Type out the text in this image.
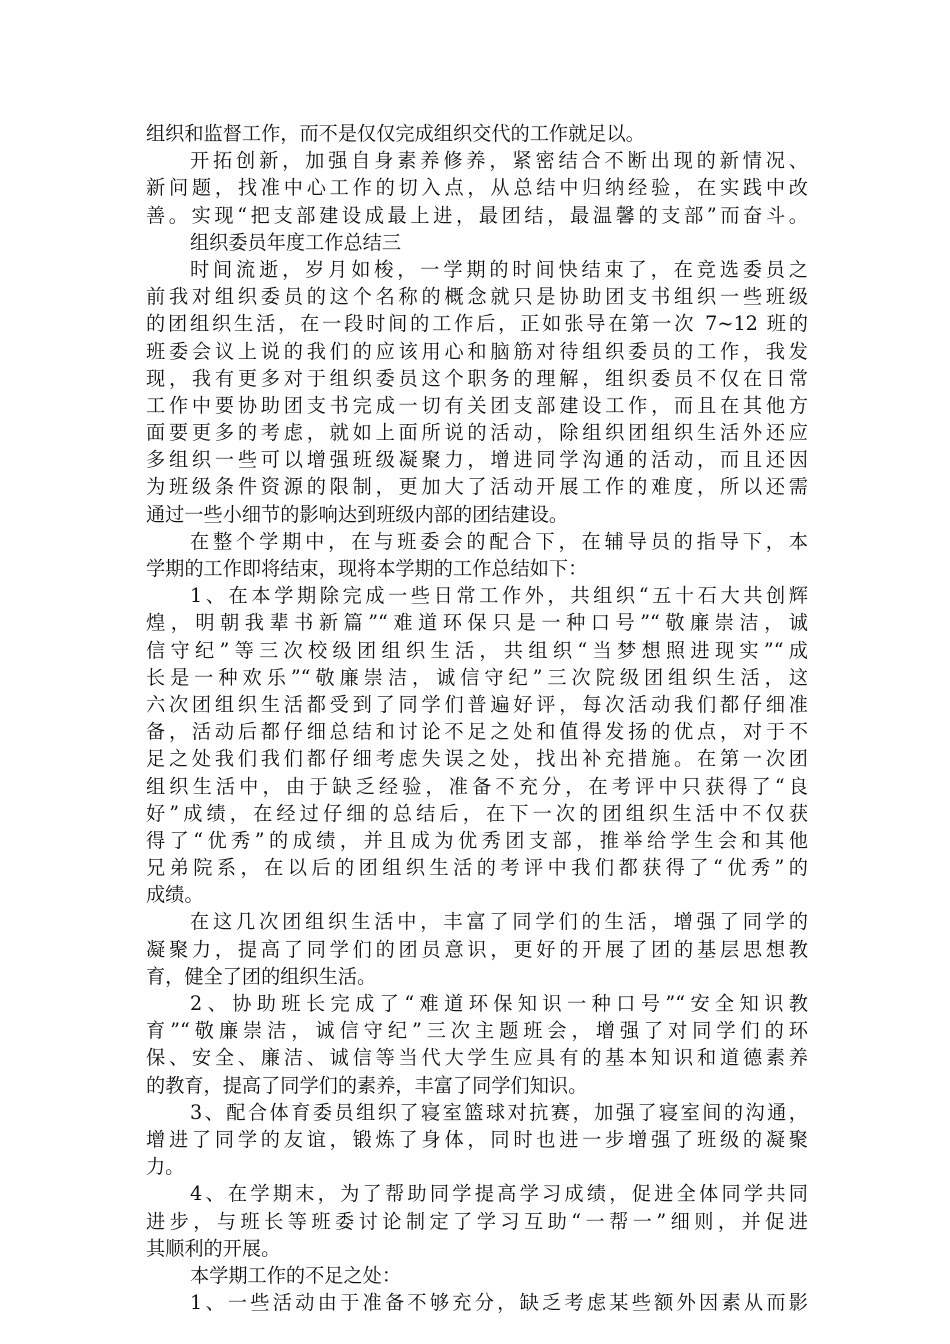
组织和监督工作，而不是仅仅完成组织交代的工作就足以。
开拓创新，加强自身素养修养，紧密结合不断出现的新情况、
新问题，找准中心工作的切入点，从总结中归纳经验，在实践中改
善。实现“把支部建设成最上进，最团结，最温馨的支部”而奋斗。
组织委员年度工作总结三
时间流逝，岁月如梭，一学期的时间快结束了，在竞选委员之
前我对组织委员的这个名称的概念就只是协助团支书组织一些班级
的团组织生活，在一段时间的工作后，正如张导在第一次 7~12 班的
班委会议上说的我们的应该用心和脑筋对待组织委员的工作，我发
现，我有更多对于组织委员这个职务的理解，组织委员不仅在日常
工作中要协助团支书完成一切有关团支部建设工作，而且在其他方
面要更多的考虑，就如上面所说的活动，除组织团组织生活外还应
多组织一些可以增强班级凝聚力，增进同学沟通的活动，而且还因
为班级条件资源的限制，更加大了活动开展工作的难度，所以还需
通过一些小细节的影响达到班级内部的团结建设。
在整个学期中，在与班委会的配合下，在辅导员的指导下，本
学期的工作即将结束，现将本学期的工作总结如下：
1、在本学期除完成一些日常工作外，共组织“五十石大共创辉
煌，明朝我辈书新篇”“难道环保只是一种口号”“敬廉崇洁，诚
信守纪”等三次校级团组织生活，共组织“当梦想照进现实”“成
长是一种欢乐”“敬廉崇洁，诚信守纪”三次院级团组织生活，这
六次团组织生活都受到了同学们普遍好评，每次活动我们都仔细准
备，活动后都仔细总结和讨论不足之处和值得发扬的优点，对于不
足之处我们我们都仔细考虑失误之处，找出补充措施。在第一次团
组织生活中，由于缺乏经验，准备不充分，在考评中只获得了“良
好”成绩，在经过仔细的总结后，在下一次的团组织生活中不仅获
得了“优秀”的成绩，并且成为优秀团支部，推举给学生会和其他
兄弟院系，在以后的团组织生活的考评中我们都获得了“优秀”的
成绩。
在这几次团组织生活中，丰富了同学们的生活，增强了同学的
凝聚力，提高了同学们的团员意识，更好的开展了团的基层思想教
育，健全了团的组织生活。
2、协助班长完成了“难道环保知识一种口号”“安全知识教
育”“敬廉崇洁，诚信守纪”三次主题班会，增强了对同学们的环
保、安全、廉洁、诚信等当代大学生应具有的基本知识和道德素养
的教育，提高了同学们的素养，丰富了同学们知识。
3、配合体育委员组织了寝室篮球对抗赛，加强了寝室间的沟通，
增进了同学的友谊，锻炼了身体，同时也进一步增强了班级的凝聚
力。
4、在学期末，为了帮助同学提高学习成绩，促进全体同学共同
进步，与班长等班委讨论制定了学习互助“一帮一”细则，并促进
其顺利的开展。
本学期工作的不足之处：
1、一些活动由于准备不够充分，缺乏考虑某些额外因素从而影
